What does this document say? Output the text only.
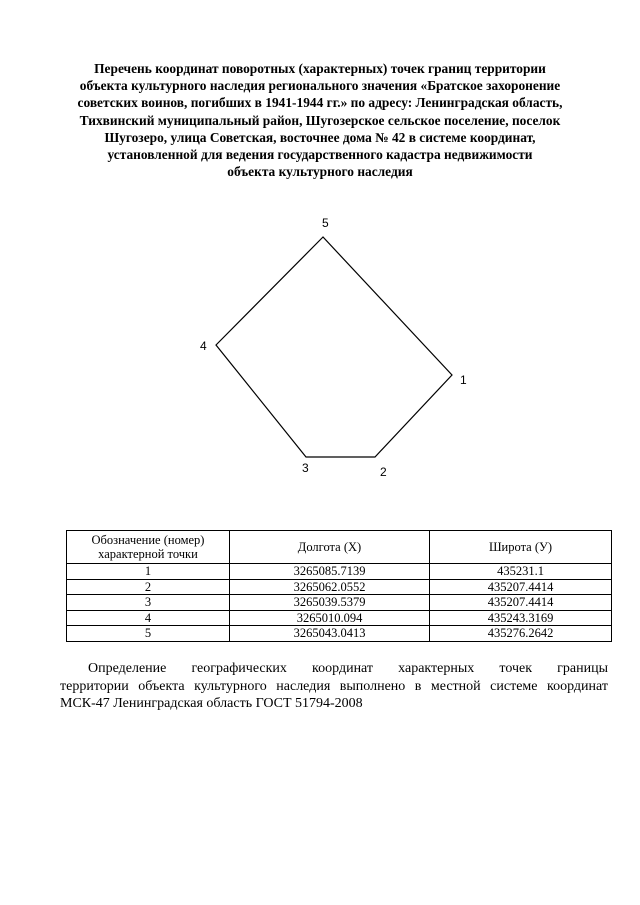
Перечень координат поворотных (характерных) точек границ территории
объекта культурного наследия регионального значения «Братское захоронение
советских воинов, погибших в 1941-1944 гг.» по адресу: Ленинградская область,
Тихвинский муниципальный район, Шугозерское сельское поселение, поселок
Шугозеро, улица Советская, восточнее дома № 42 в системе координат,
установленной для ведения государственного кадастра недвижимости
объекта культурного наследия
1
2
3
4
5
Обозначение (номер) характерной точки	Долгота (X)	Широта (У)
1	3265085.7139	435231.1
2	3265062.0552	435207.4414
3	3265039.5379	435207.4414
4	3265010.094	435243.3169
5	3265043.0413	435276.2642
Определение географических координат характерных точек границы
территории объекта культурного наследия выполнено в местной системе координат
МСК-47 Ленинградская область ГОСТ 51794-2008
